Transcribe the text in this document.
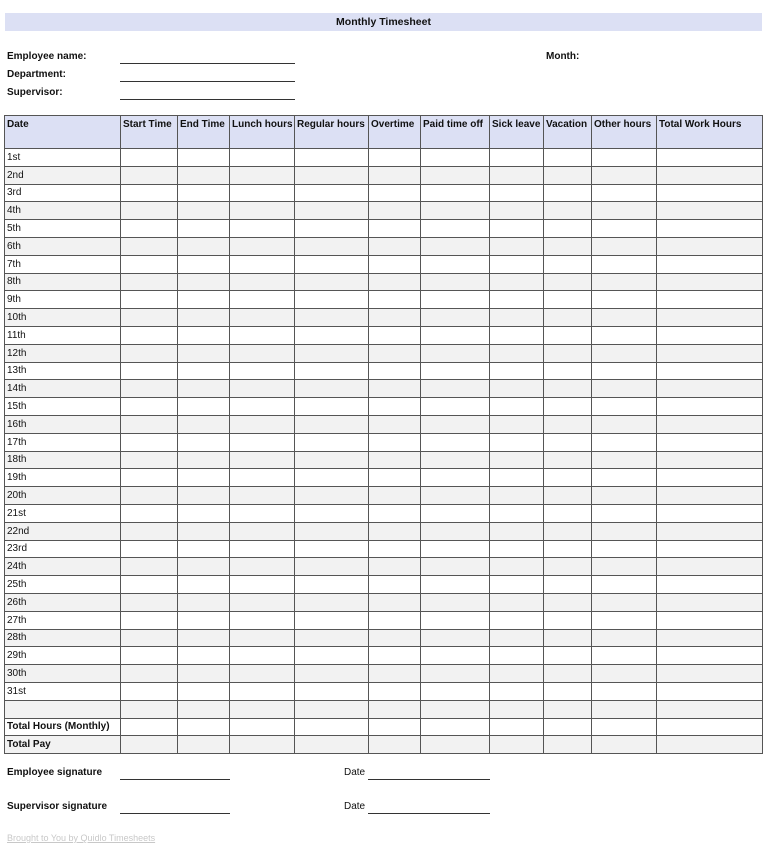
Monthly Timesheet
Employee name:
Department:
Supervisor:
Month:
Date	Start Time	End Time	Lunch hours	Regular hours	Overtime	Paid time off	Sick leave	Vacation	Other hours	Total Work Hours
1st										
2nd										
3rd										
4th										
5th										
6th										
7th										
8th										
9th										
10th										
11th										
12th										
13th										
14th										
15th										
16th										
17th										
18th										
19th										
20th										
21st										
22nd										
23rd										
24th										
25th										
26th										
27th										
28th										
29th										
30th										
31st										

Total Hours (Monthly)										
Total Pay										
Employee signature	Date
Supervisor signature	Date
Brought to You by Quidlo Timesheets
